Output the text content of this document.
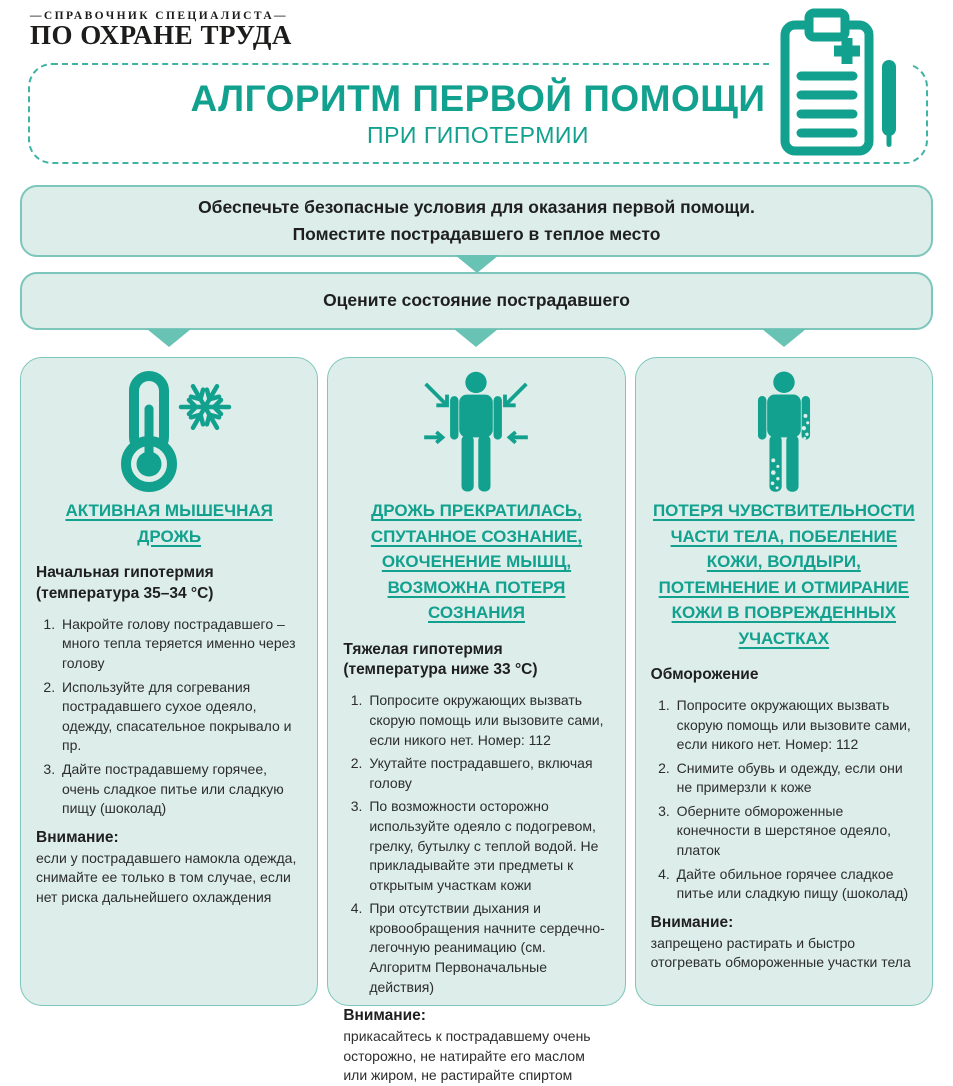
—СПРАВОЧНИК СПЕЦИАЛИСТА—
ПО ОХРАНЕ ТРУДА
АЛГОРИТМ ПЕРВОЙ ПОМОЩИ
ПРИ ГИПОТЕРМИИ
Обеспечьте безопасные условия для оказания первой помощи.
Поместите пострадавшего в теплое место
Оцените состояние пострадавшего
АКТИВНАЯ МЫШЕЧНАЯ ДРОЖЬ
Начальная гипотермия
(температура 35–34 °C)
1. Накройте голову пострадавшего – много тепла теряется именно через голову
2. Используйте для согревания пострадавшего сухое одеяло, одежду, спасательное покрывало и пр.
3. Дайте пострадавшему горячее, очень сладкое питье или сладкую пищу (шоколад)
Внимание:
если у пострадавшего намокла одежда, снимайте ее только в том случае, если нет риска дальнейшего охлаждения
ДРОЖЬ ПРЕКРАТИЛАСЬ, СПУТАННОЕ СОЗНАНИЕ, ОКОЧЕНЕНИЕ МЫШЦ, ВОЗМОЖНА ПОТЕРЯ СОЗНАНИЯ
Тяжелая гипотермия
(температура ниже 33 °C)
1. Попросите окружающих вызвать скорую помощь или вызовите сами, если никого нет. Номер: 112
2. Укутайте пострадавшего, включая голову
3. По возможности осторожно используйте одеяло с подогревом, грелку, бутылку с теплой водой. Не прикладывайте эти предметы к открытым участкам кожи
4. При отсутствии дыхания и кровообращения начните сердечно-легочную реанимацию (см. Алгоритм Первоначальные действия)
Внимание:
прикасайтесь к пострадавшему очень осторожно, не натирайте его маслом или жиром, не растирайте спиртом
ПОТЕРЯ ЧУВСТВИТЕЛЬНОСТИ ЧАСТИ ТЕЛА, ПОБЕЛЕНИЕ КОЖИ, ВОЛДЫРИ, ПОТЕМНЕНИЕ И ОТМИРАНИЕ КОЖИ В ПОВРЕЖДЕННЫХ УЧАСТКАХ
Обморожение
1. Попросите окружающих вызвать скорую помощь или вызовите сами, если никого нет. Номер: 112
2. Снимите обувь и одежду, если они не примерзли к коже
3. Оберните обмороженные конечности в шерстяное одеяло, платок
4. Дайте обильное горячее сладкое питье или сладкую пищу (шоколад)
Внимание:
запрещено растирать и быстро отогревать обмороженные участки тела
